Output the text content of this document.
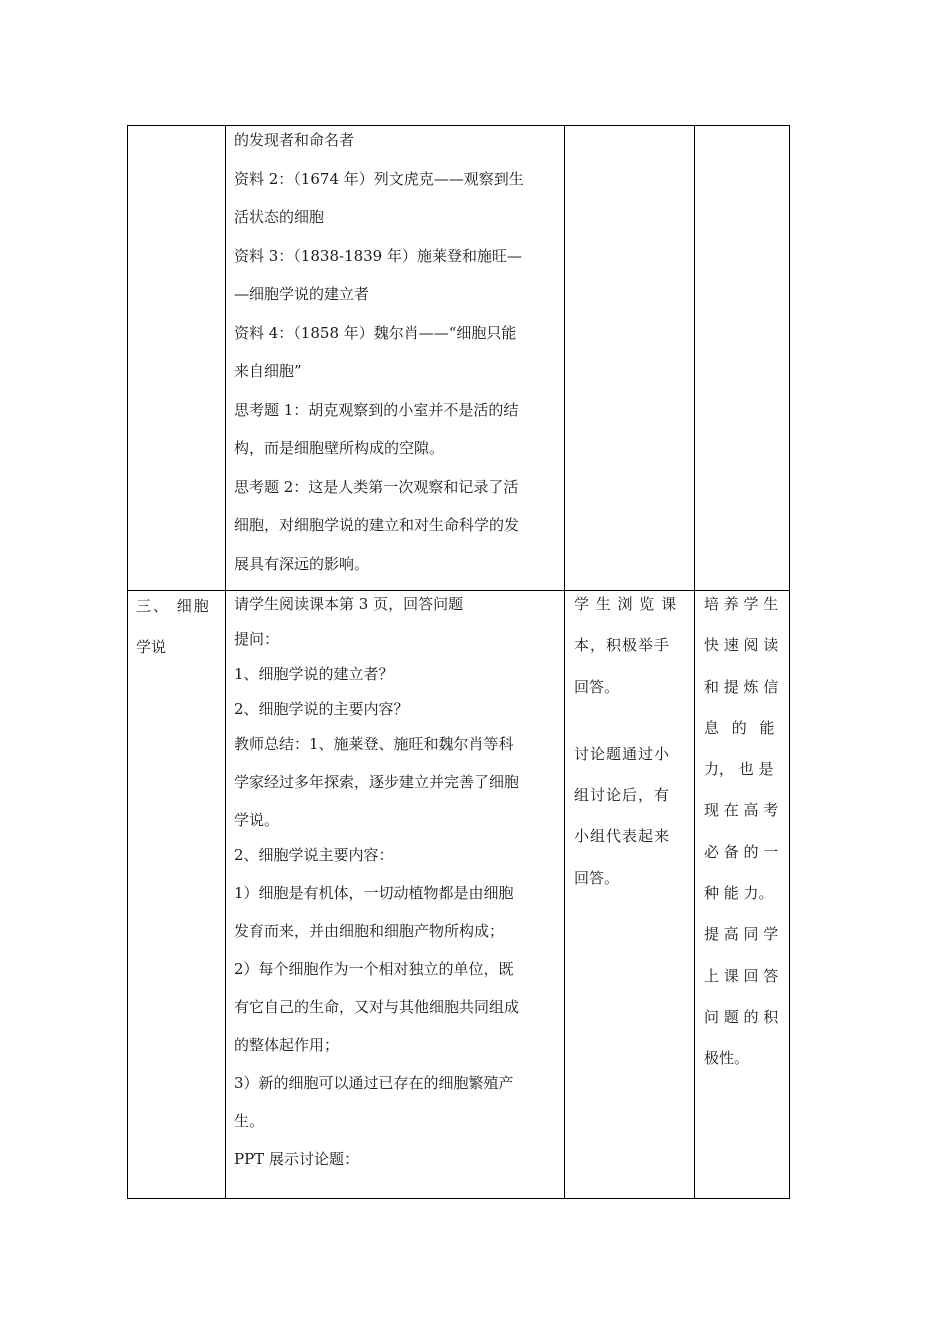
的发现者和命名者

资料 2：（1674 年）列文虎克——观察到生

活状态的细胞

资料 3：（1838-1839 年）施莱登和施旺—

—细胞学说的建立者

资料 4：（1858 年）魏尔肖——“细胞只能

来自细胞”

思考题 1：胡克观察到的小室并不是活的结

构，而是细胞壁所构成的空隙。

思考题 2：这是人类第一次观察和记录了活

细胞，对细胞学说的建立和对生命科学的发

展具有深远的影响。

三、 细胞

学说

请学生阅读课本第 3 页，回答问题

提问：

1、细胞学说的建立者？

2、细胞学说的主要内容？

教师总结：1、施莱登、施旺和魏尔肖等科

学家经过多年探索，逐步建立并完善了细胞

学说。

2、细胞学说主要内容：

1）细胞是有机体，一切动植物都是由细胞

发育而来，并由细胞和细胞产物所构成；

2）每个细胞作为一个相对独立的单位，既

有它自己的生命，又对与其他细胞共同组成

的整体起作用；

3）新的细胞可以通过已存在的细胞繁殖产

生。

PPT 展示讨论题：

学 生 浏 览 课

本，积极举手

回答。

讨论题通过小

组讨论后，有

小组代表起来

回答。

培 养 学 生

快 速 阅 读

和 提 炼 信

息 的 能

力， 也 是

现 在 高 考

必 备 的 一

种 能 力。

提 高 同 学

上 课 回 答

问 题 的 积

极性。
